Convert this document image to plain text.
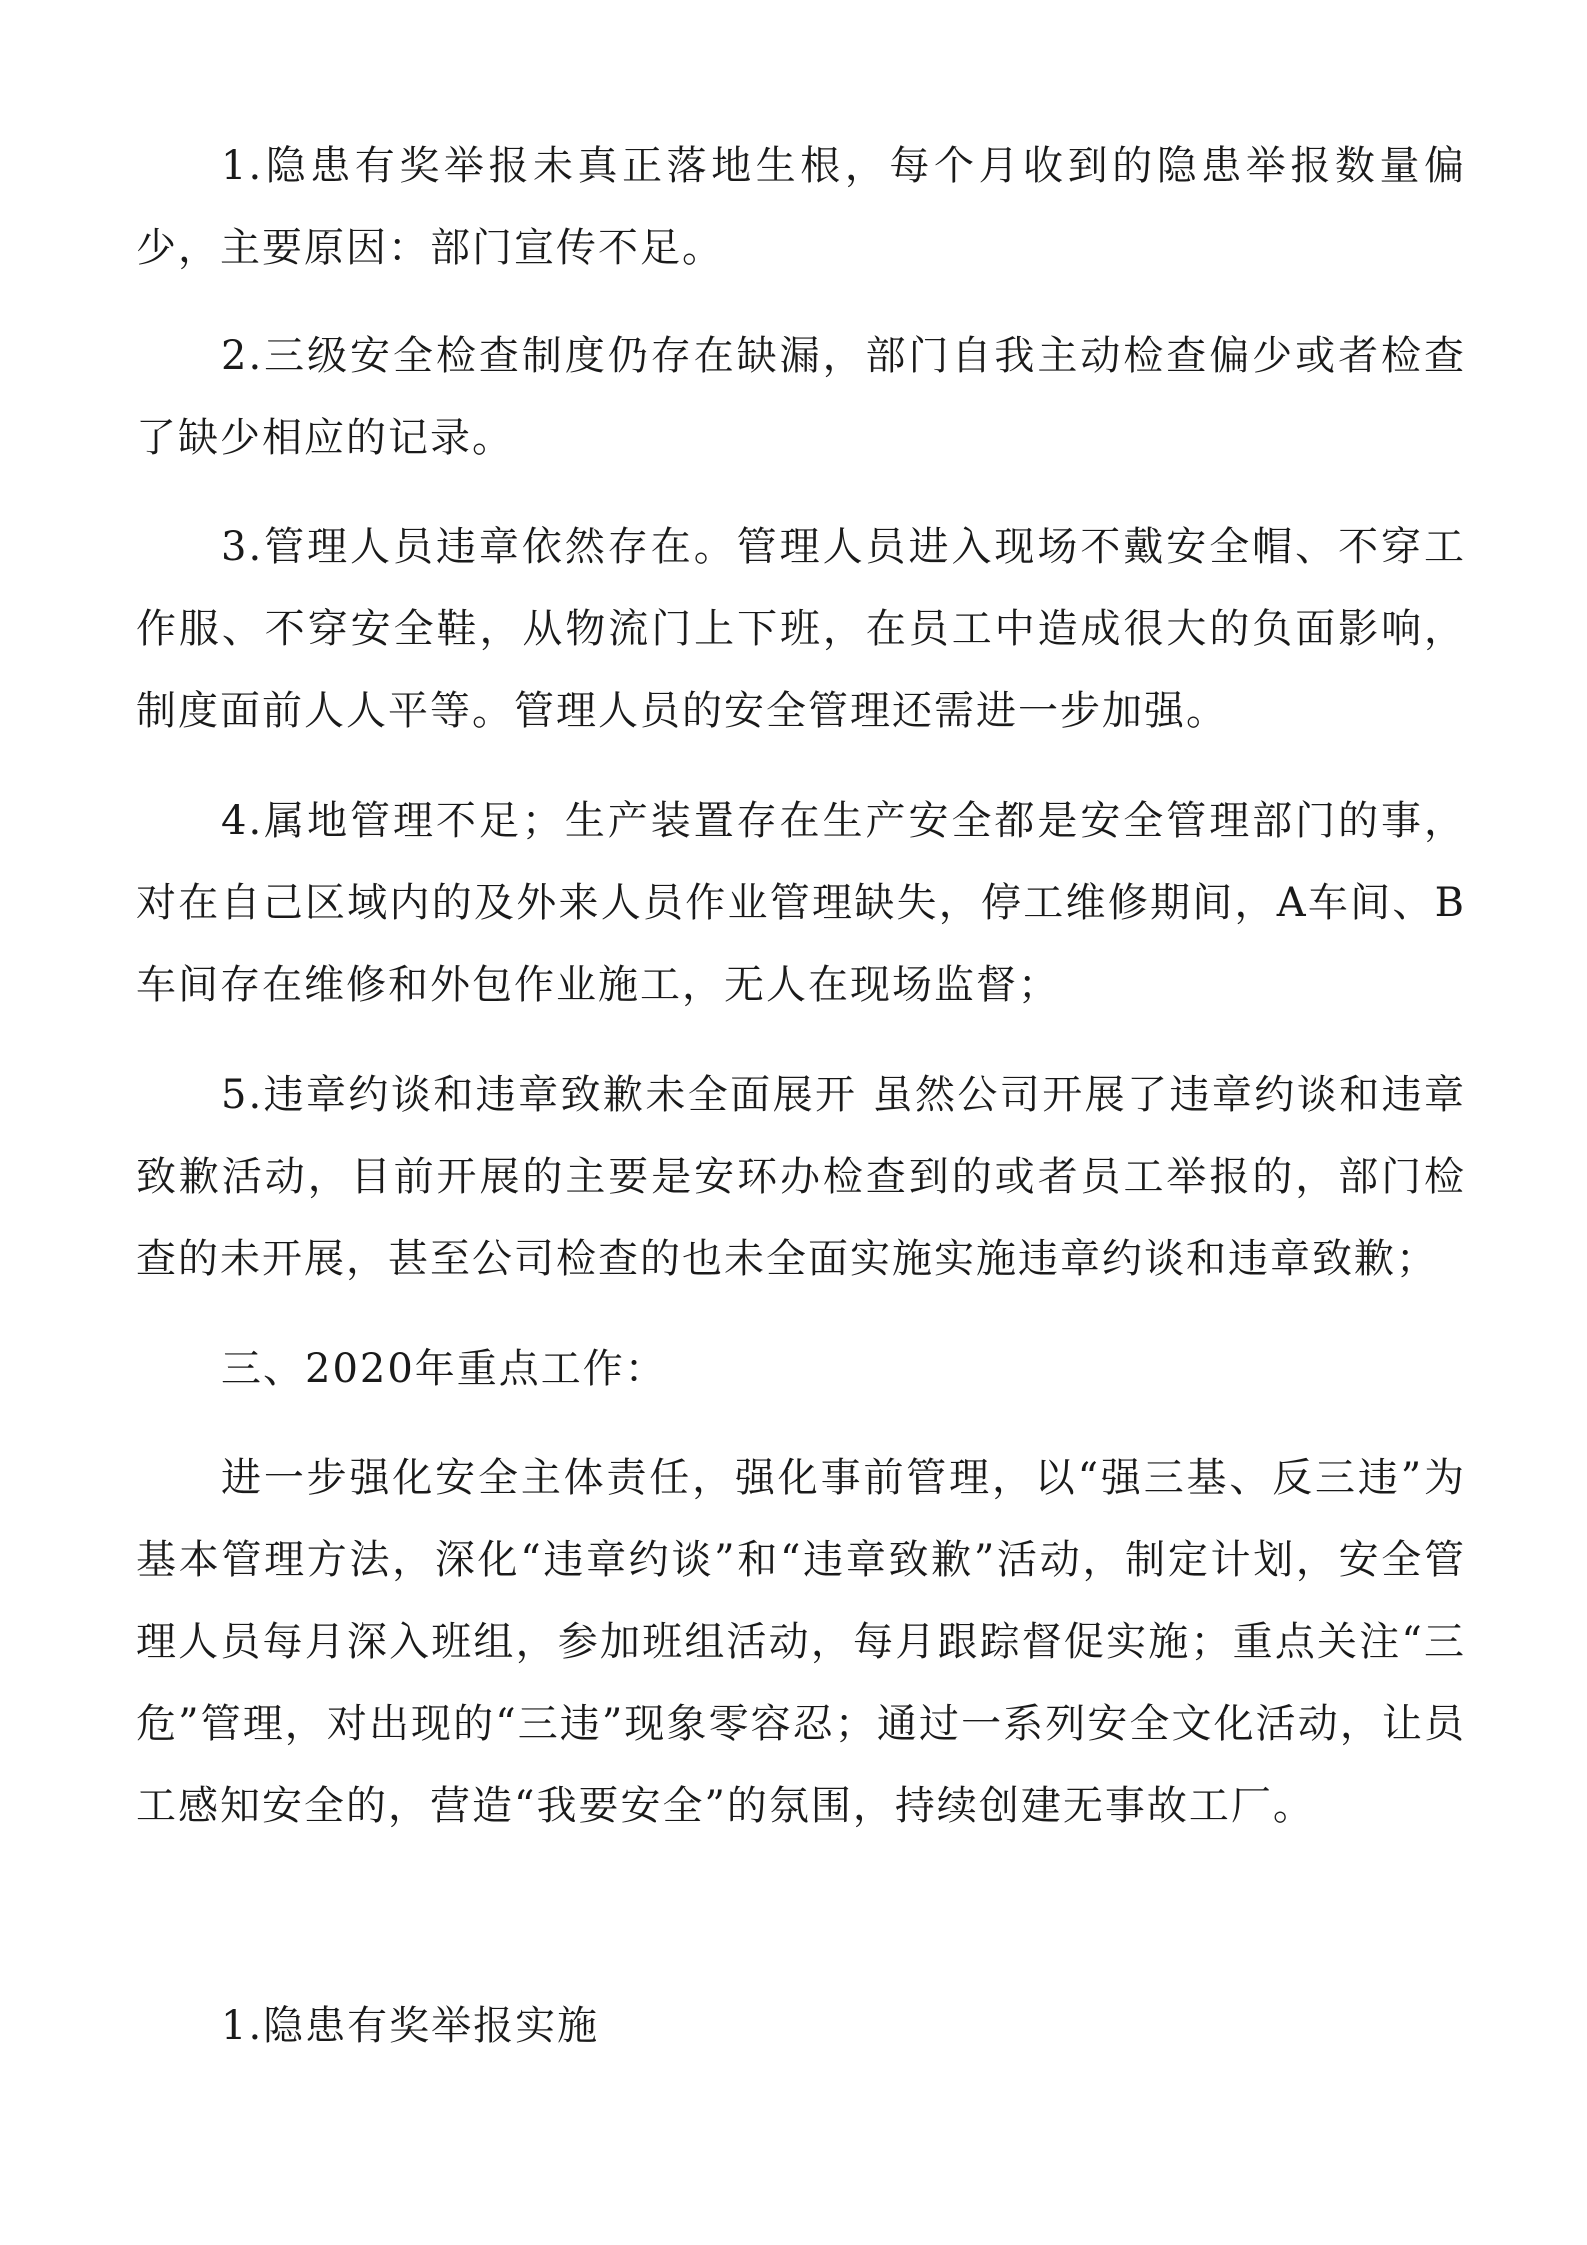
1.隐患有奖举报未真正落地生根，每个月收到的隐患举报数量偏少，主要原因：部门宣传不足。

2.三级安全检查制度仍存在缺漏，部门自我主动检查偏少或者检查了缺少相应的记录。

3.管理人员违章依然存在。管理人员进入现场不戴安全帽、不穿工作服、不穿安全鞋，从物流门上下班，在员工中造成很大的负面影响，制度面前人人平等。管理人员的安全管理还需进一步加强。

4.属地管理不足；生产装置存在生产安全都是安全管理部门的事，对在自己区域内的及外来人员作业管理缺失，停工维修期间，A车间、B车间存在维修和外包作业施工，无人在现场监督；

5.违章约谈和违章致歉未全面展开 虽然公司开展了违章约谈和违章致歉活动，目前开展的主要是安环办检查到的或者员工举报的，部门检查的未开展，甚至公司检查的也未全面实施实施违章约谈和违章致歉；

三、2020年重点工作：

进一步强化安全主体责任，强化事前管理，以“强三基、反三违”为基本管理方法，深化“违章约谈”和“违章致歉”活动，制定计划，安全管理人员每月深入班组，参加班组活动，每月跟踪督促实施；重点关注“三危”管理，对出现的“三违”现象零容忍；通过一系列安全文化活动，让员工感知安全的，营造“我要安全”的氛围，持续创建无事故工厂。

1.隐患有奖举报实施
